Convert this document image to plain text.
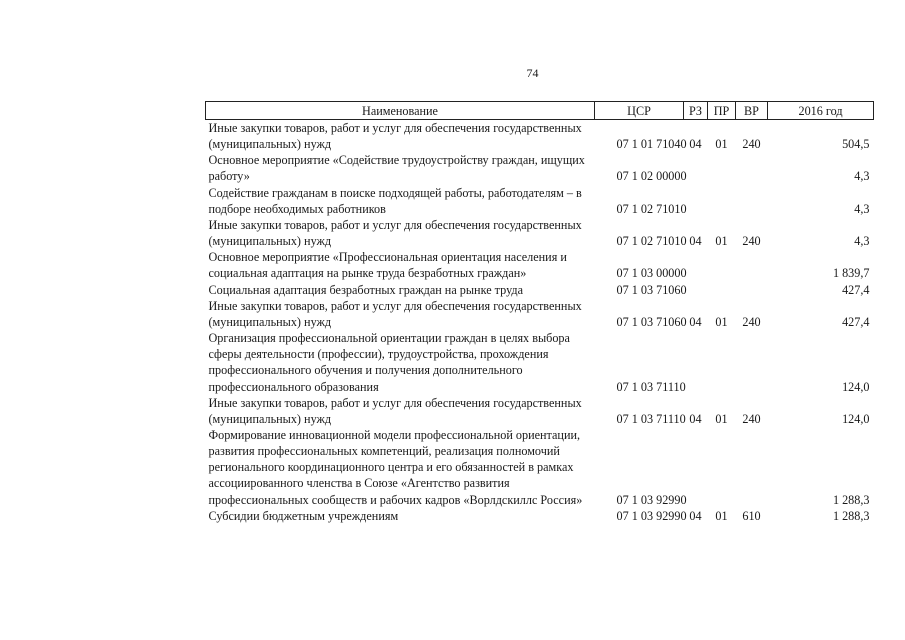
74
Наименование	ЦСР	РЗ	ПР	ВР	2016 год
Иные закупки товаров, работ и услуг для обеспечения государственных (муниципальных) нужд	07 1 01 71040	04	01	240	504,5
Основное мероприятие «Содействие трудоустройству граждан, ищущих работу»	07 1 02 00000				4,3
Содействие гражданам в поиске подходящей работы, работодателям – в подборе необходимых работников	07 1 02 71010				4,3
Иные закупки товаров, работ и услуг для обеспечения государственных (муниципальных) нужд	07 1 02 71010	04	01	240	4,3
Основное мероприятие «Профессиональная ориентация населения и социальная адаптация на рынке труда безработных граждан»	07 1 03 00000				1 839,7
Социальная адаптация безработных граждан на рынке труда	07 1 03 71060				427,4
Иные закупки товаров, работ и услуг для обеспечения государственных (муниципальных) нужд	07 1 03 71060	04	01	240	427,4
Организация профессиональной ориентации граждан в целях выбора сферы деятельности (профессии), трудоустройства, прохождения профессионального обучения и получения дополнительного профессионального образования	07 1 03 71110				124,0
Иные закупки товаров, работ и услуг для обеспечения государственных (муниципальных) нужд	07 1 03 71110	04	01	240	124,0
Формирование инновационной модели профессиональной ориентации, развития профессиональных компетенций, реализация полномочий регионального координационного центра и его обязанностей в рамках ассоциированного членства в Союзе «Агентство развития профессиональных сообществ и рабочих кадров «Ворлдскиллс Россия»	07 1 03 92990				1 288,3
Субсидии бюджетным учреждениям	07 1 03 92990	04	01	610	1 288,3
